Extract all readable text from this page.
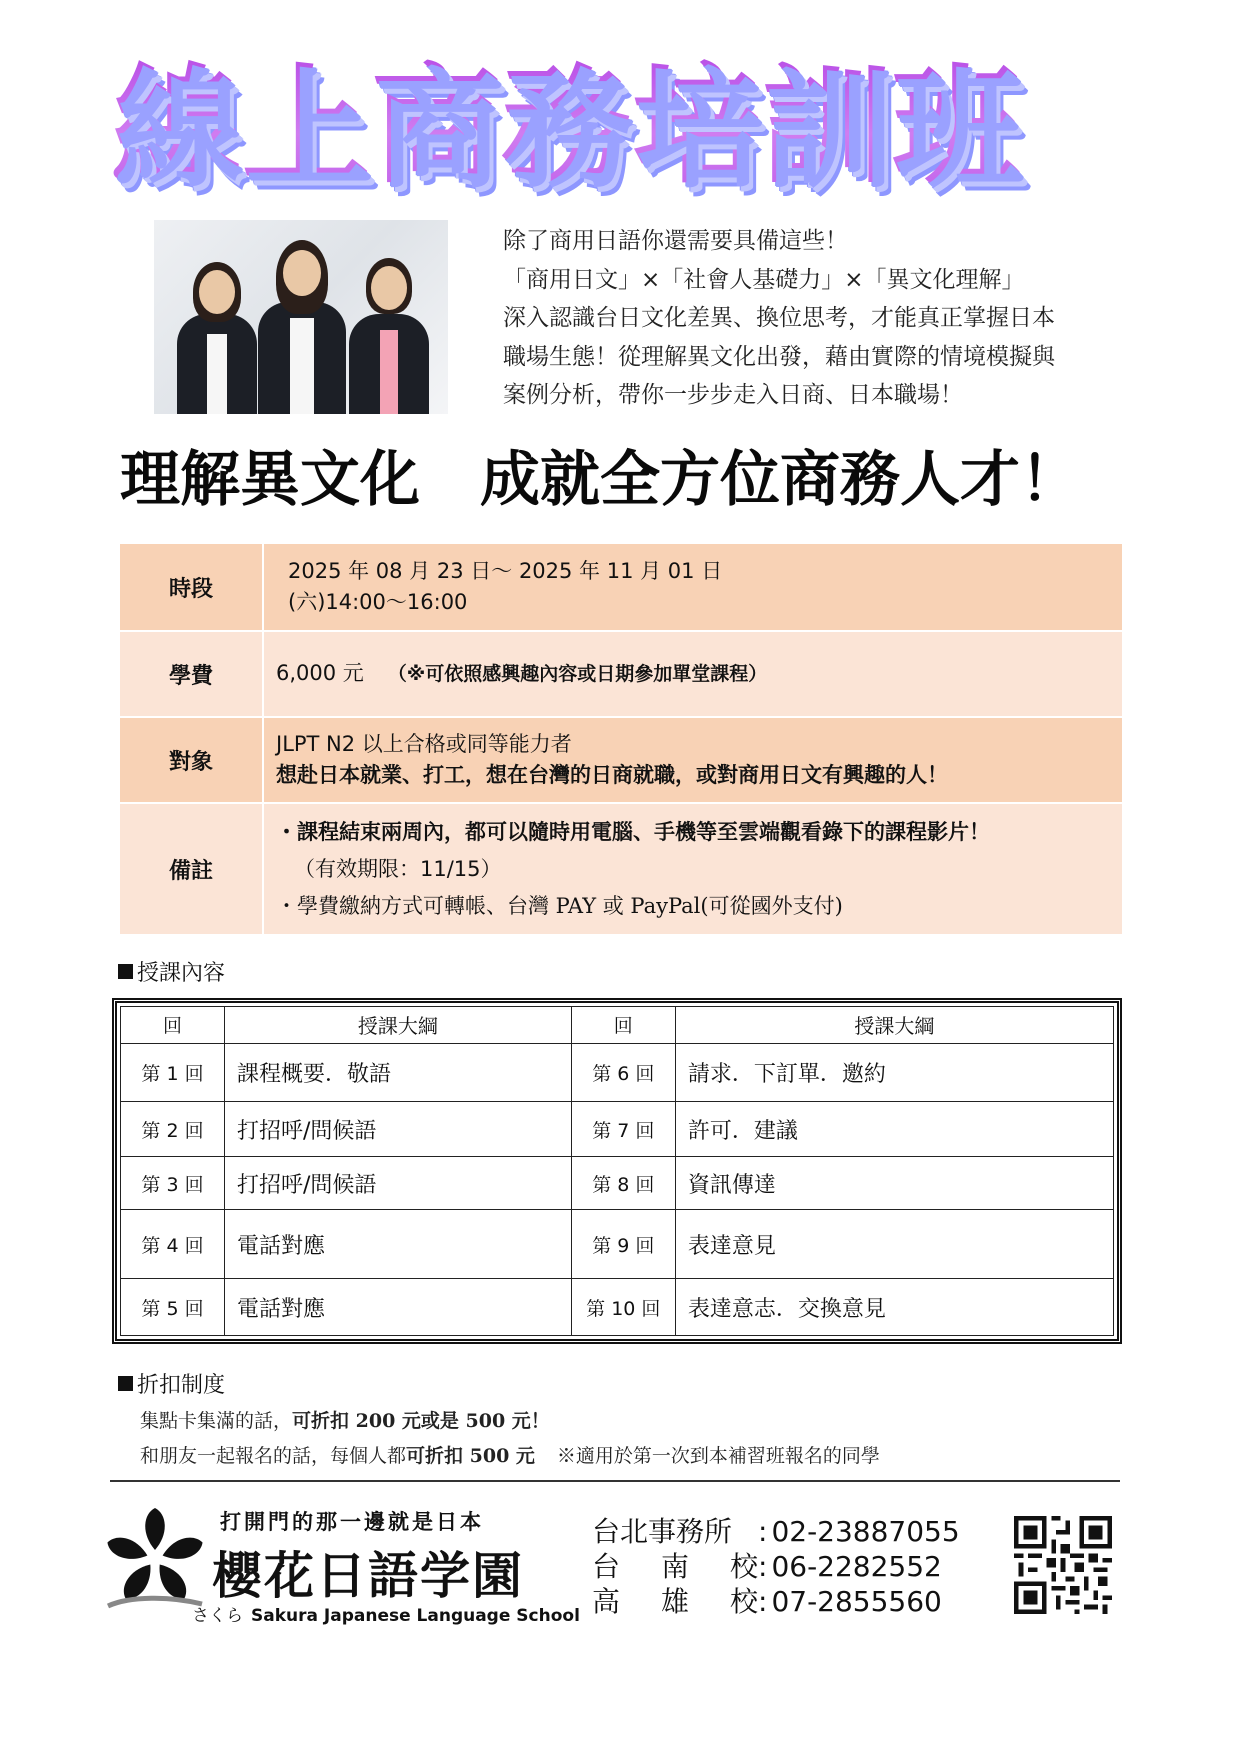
線上商務培訓班
除了商用日語你還需要具備這些！
「商用日文」×「社會人基礎力」×「異文化理解」
深入認識台日文化差異、換位思考，才能真正掌握日本
職場生態！從理解異文化出發，藉由實際的情境模擬與
案例分析，帶你一步步走入日商、日本職場！
理解異文化　成就全方位商務人才！
時段	2025 年 08 月 23 日～ 2025 年 11 月 01 日
(六)14:00～16:00

學費	6,000 元 （※可依照感興趣內容或日期參加單堂課程）
對象	JLPT N2 以上合格或同等能力者
想赴日本就業、打工，想在台灣的日商就職，或對商用日文有興趣的人！

備註	・課程結束兩周內，都可以隨時用電腦、手機等至雲端觀看錄下的課程影片！
（有效期限：11/15）
・學費繳納方式可轉帳、台灣 PAY 或 PayPal(可從國外支付)
授課內容
回	授課大綱	回	授課大綱
第 1 回	課程概要．敬語	第 6 回	請求．下訂單．邀約
第 2 回	打招呼/問候語	第 7 回	許可．建議
第 3 回	打招呼/問候語	第 8 回	資訊傳達
第 4 回	電話對應	第 9 回	表達意見
第 5 回	電話對應	第 10 回	表達意志．交換意見
折扣制度
集點卡集滿的話，可折扣 200 元或是 500 元！
和朋友一起報名的話，每個人都可折扣 500 元 ※適用於第一次到本補習班報名的同學
打開門的那一邊就是日本
櫻花日語学園
さくら Sakura Japanese Language School
台北事務所 : 02-23887055
台 南 校 : 06-2282552
高 雄 校 : 07-2855560
